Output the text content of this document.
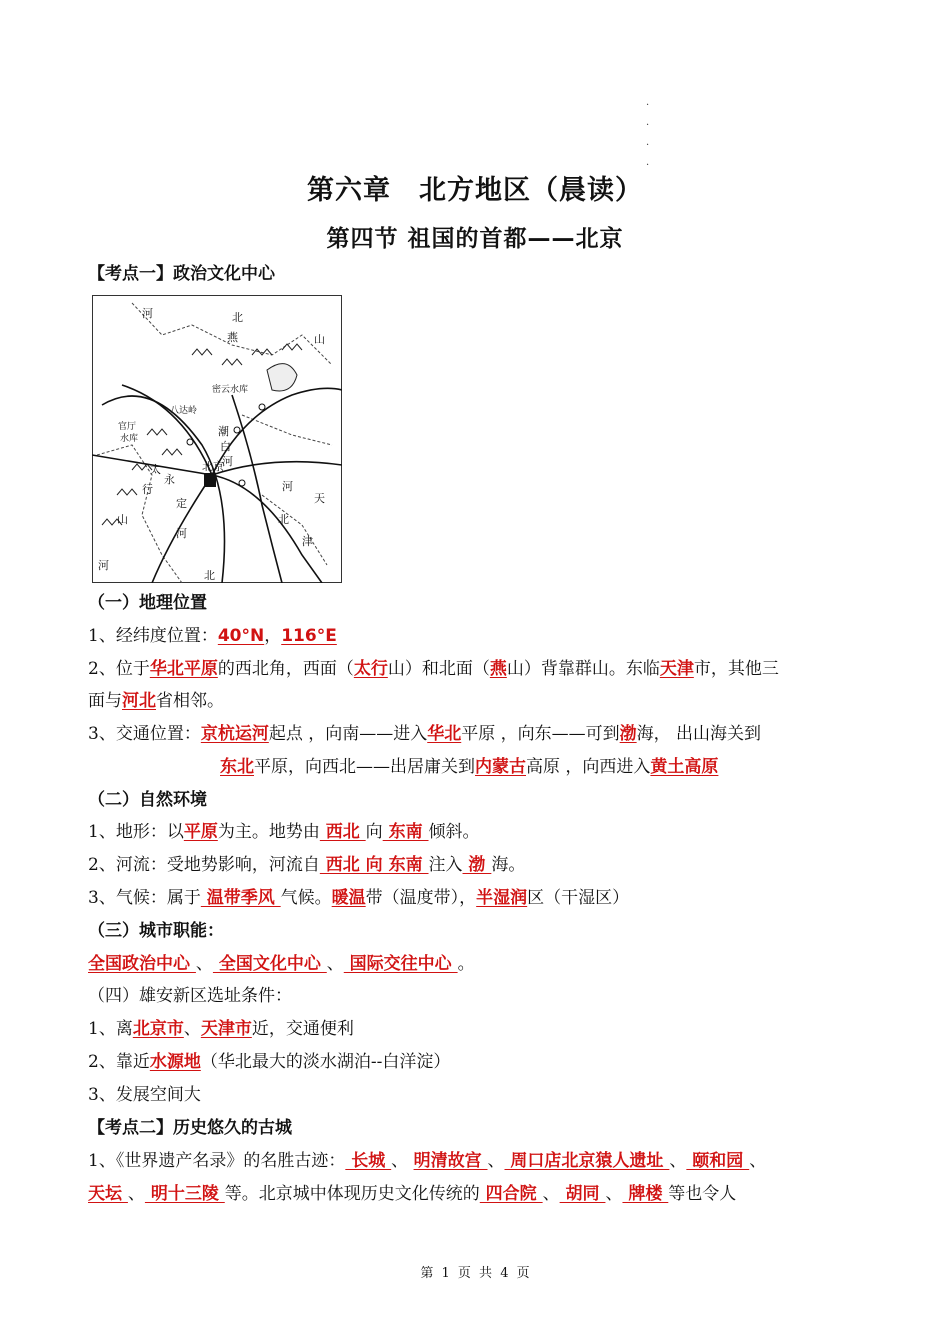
·
·
·
·
第六章　北方地区（晨读）
第四节 祖国的首都——北京
【考点一】政治文化中心
河	北
燕	山
密云水库
八达岭
官厅
水库
潮
白
河
北京
太
行
山
永
定
河
河
天
北
津
河
北
（一）地理位置
1、经纬度位置：40°N，116°E
2、位于华北平原的西北角，西面（太行山）和北面（燕山）背靠群山。东临天津市，其他三
面与河北省相邻。
3、交通位置：京杭运河起点 ，向南——进入华北平原 ，向东——可到渤海， 出山海关到
东北平原，向西北——出居庸关到内蒙古高原 ，向西进入黄土高原
（二）自然环境
1、地形：以平原为主。地势由 西北 向 东南 倾斜。
2、河流：受地势影响，河流自 西北 向 东南 注入 渤 海。
3、气候：属于 温带季风 气候。暖温带（温度带），半湿润区（干湿区）
（三）城市职能：
全国政治中心 、 全国文化中心 、 国际交往中心 。
（四）雄安新区选址条件：
1、离北京市、天津市近，交通便利
2、靠近水源地（华北最大的淡水湖泊--白洋淀）
3、发展空间大
【考点二】历史悠久的古城
1、《世界遗产名录》的名胜古迹： 长城 、 明清故宫 、 周口店北京猿人遗址 、 颐和园 、
天坛 、 明十三陵 等。北京城中体现历史文化传统的 四合院 、 胡同 、 牌楼 等也令人
第 1 页 共 4 页
